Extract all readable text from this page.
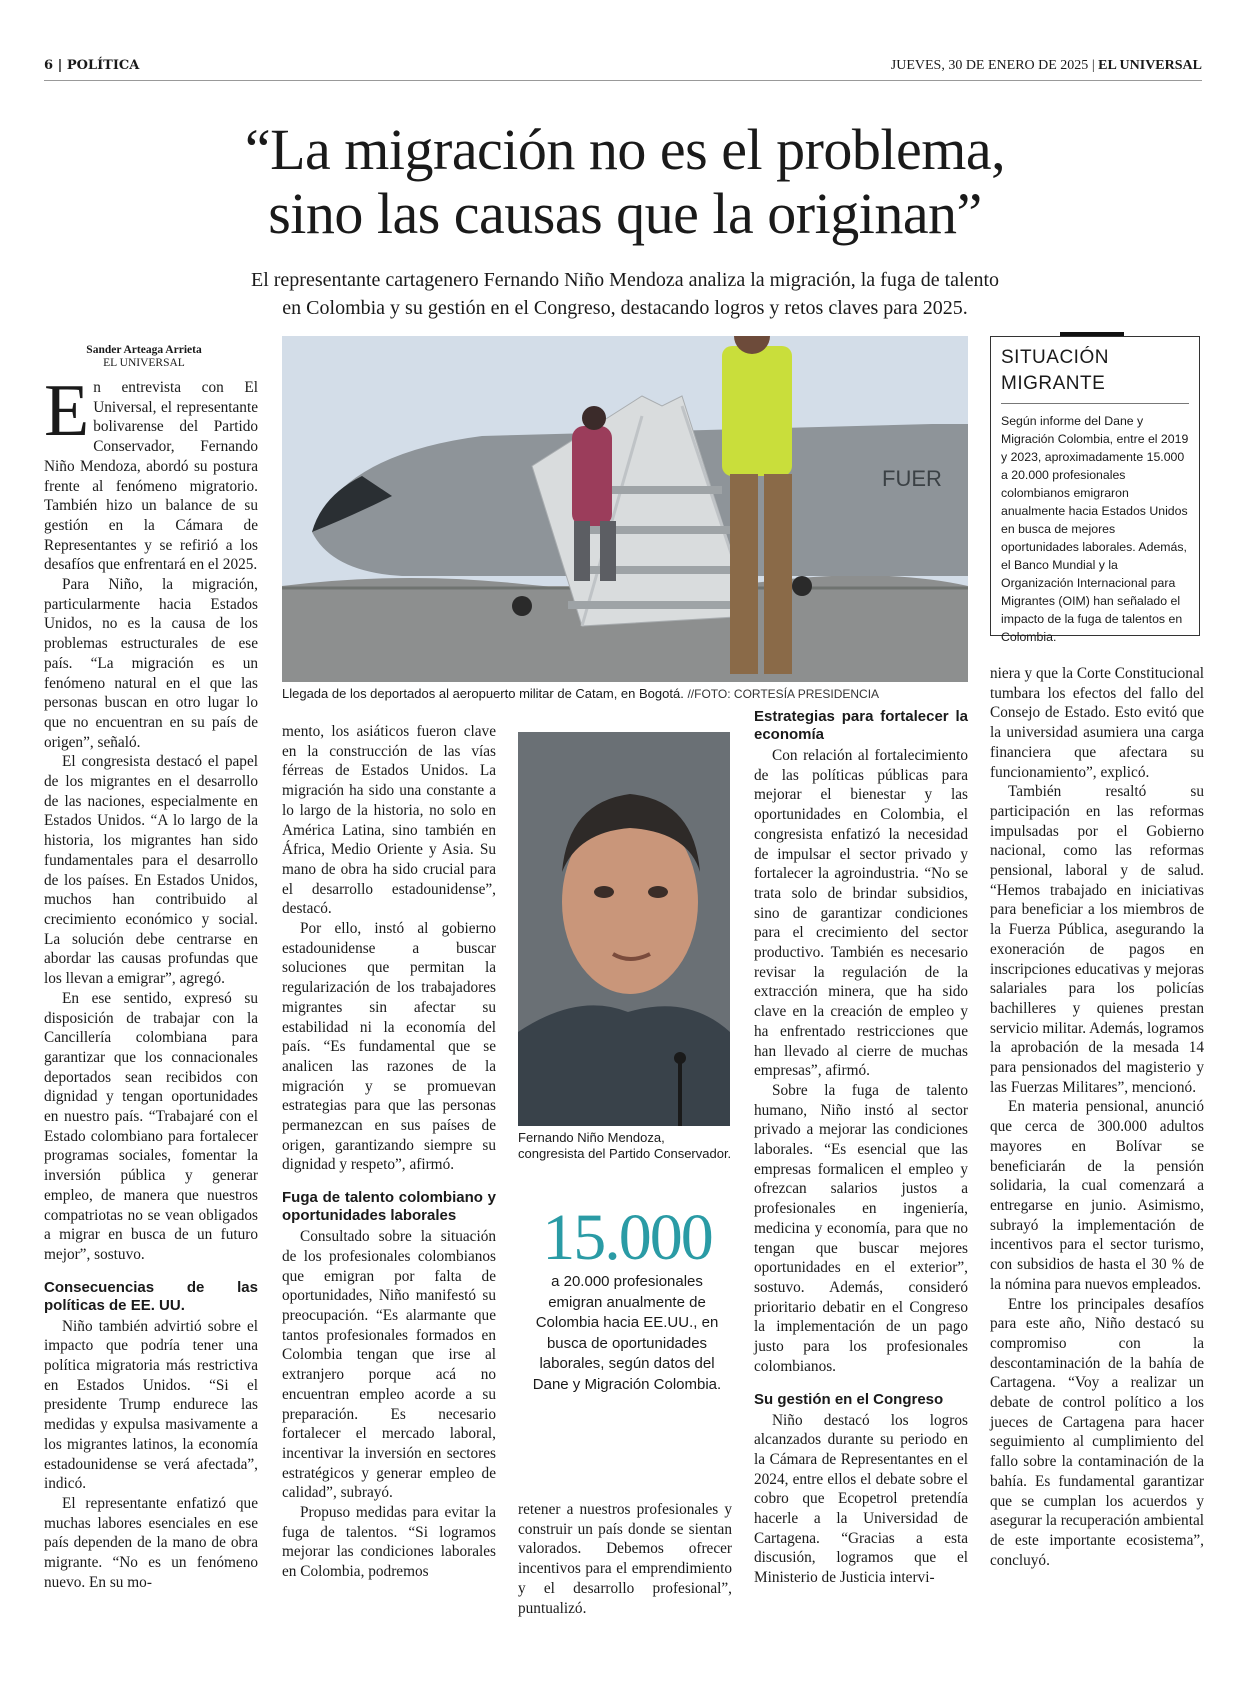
6 | POLÍTICA	JUEVES, 30 DE ENERO DE 2025 | EL UNIVERSAL
“La migración no es el problema,
sino las causas que la originan”
El representante cartagenero Fernando Niño Mendoza analiza la migración, la fuga de talento
en Colombia y su gestión en el Congreso, destacando logros y retos claves para 2025.
Sander Arteaga Arrieta
EL UNIVERSAL

En entrevista con El Universal, el representante bolivarense del Partido Conservador, Fernando Niño Mendoza, abordó su postura frente al fenómeno migratorio. También hizo un balance de su gestión en la Cámara de Representantes y se refirió a los desafíos que enfrentará en el 2025.

Para Niño, la migración, particularmente hacia Estados Unidos, no es la causa de los problemas estructurales de ese país. “La migración es un fenómeno natural en el que las personas buscan en otro lugar lo que no encuentran en su país de origen”, señaló.

El congresista destacó el papel de los migrantes en el desarrollo de las naciones, especialmente en Estados Unidos. “A lo largo de la historia, los migrantes han sido fundamentales para el desarrollo de los países. En Estados Unidos, muchos han contribuido al crecimiento económico y social. La solución debe centrarse en abordar las causas profundas que los llevan a emigrar”, agregó.

En ese sentido, expresó su disposición de trabajar con la Cancillería colombiana para garantizar que los connacionales deportados sean recibidos con dignidad y tengan oportunidades en nuestro país. “Trabajaré con el Estado colombiano para fortalecer programas sociales, fomentar la inversión pública y generar empleo, de manera que nuestros compatriotas no se vean obligados a migrar en busca de un futuro mejor”, sostuvo.

Consecuencias de las políticas de EE. UU.

Niño también advirtió sobre el impacto que podría tener una política migratoria más restrictiva en Estados Unidos. “Si el presidente Trump endurece las medidas y expulsa masivamente a los migrantes latinos, la economía estadounidense se verá afectada”, indicó.

El representante enfatizó que muchas labores esenciales en ese país dependen de la mano de obra migrante. “No es un fenómeno nuevo. En su mo-

FUER
Llegada de los deportados al aeropuerto militar de Catam, en Bogotá. //FOTO: CORTESÍA PRESIDENCIA
SITUACIÓN MIGRANTE

Según informe del Dane y Migración Colombia, entre el 2019 y 2023, aproximadamente 15.000 a 20.000 profesionales colombianos emigraron anualmente hacia Estados Unidos en busca de mejores oportunidades laborales. Además, el Banco Mundial y la Organización Internacional para Migrantes (OIM) han señalado el impacto de la fuga de talentos en Colombia.

mento, los asiáticos fueron clave en la construcción de las vías férreas de Estados Unidos. La migración ha sido una constante a lo largo de la historia, no solo en América Latina, sino también en África, Medio Oriente y Asia. Su mano de obra ha sido crucial para el desarrollo estadounidense”, destacó.

Por ello, instó al gobierno estadounidense a buscar soluciones que permitan la regularización de los trabajadores migrantes sin afectar su estabilidad ni la economía del país. “Es fundamental que se analicen las razones de la migración y se promuevan estrategias para que las personas permanezcan en sus países de origen, garantizando siempre su dignidad y respeto”, afirmó.

Fuga de talento colombiano y oportunidades laborales

Consultado sobre la situación de los profesionales colombianos que emigran por falta de oportunidades, Niño manifestó su preocupación. “Es alarmante que tantos profesionales formados en Colombia tengan que irse al extranjero porque acá no encuentran empleo acorde a su preparación. Es necesario fortalecer el mercado laboral, incentivar la inversión en sectores estratégicos y generar empleo de calidad”, subrayó.

Propuso medidas para evitar la fuga de talentos. “Si logramos mejorar las condiciones laborales en Colombia, podremos

Fernando Niño Mendoza, congresista del Partido Conservador.
15.000
a 20.000 profesionales emigran anualmente de Colombia hacia EE.UU., en busca de oportunidades laborales, según datos del Dane y Migración Colombia.

retener a nuestros profesionales y construir un país donde se sientan valorados. Debemos ofrecer incentivos para el emprendimiento y el desarrollo profesional”, puntualizó.

Estrategias para fortalecer la economía

Con relación al fortalecimiento de las políticas públicas para mejorar el bienestar y las oportunidades en Colombia, el congresista enfatizó la necesidad de impulsar el sector privado y fortalecer la agroindustria. “No se trata solo de brindar subsidios, sino de garantizar condiciones para el crecimiento del sector productivo. También es necesario revisar la regulación de la extracción minera, que ha sido clave en la creación de empleo y ha enfrentado restricciones que han llevado al cierre de muchas empresas”, afirmó.

Sobre la fuga de talento humano, Niño instó al sector privado a mejorar las condiciones laborales. “Es esencial que las empresas formalicen el empleo y ofrezcan salarios justos a profesionales en ingeniería, medicina y economía, para que no tengan que buscar mejores oportunidades en el exterior”, sostuvo. Además, consideró prioritario debatir en el Congreso la implementación de un pago justo para los profesionales colombianos.

Su gestión en el Congreso

Niño destacó los logros alcanzados durante su periodo en la Cámara de Representantes en el 2024, entre ellos el debate sobre el cobro que Ecopetrol pretendía hacerle a la Universidad de Cartagena. “Gracias a esta discusión, logramos que el Ministerio de Justicia intervi-

niera y que la Corte Constitucional tumbara los efectos del fallo del Consejo de Estado. Esto evitó que la universidad asumiera una carga financiera que afectara su funcionamiento”, explicó.

También resaltó su participación en las reformas impulsadas por el Gobierno nacional, como las reformas pensional, laboral y de salud. “Hemos trabajado en iniciativas para beneficiar a los miembros de la Fuerza Pública, asegurando la exoneración de pagos en inscripciones educativas y mejoras salariales para los policías bachilleres y quienes prestan servicio militar. Además, logramos la aprobación de la mesada 14 para pensionados del magisterio y las Fuerzas Militares”, mencionó.

En materia pensional, anunció que cerca de 300.000 adultos mayores en Bolívar se beneficiarán de la pensión solidaria, la cual comenzará a entregarse en junio. Asimismo, subrayó la implementación de incentivos para el sector turismo, con subsidios de hasta el 30 % de la nómina para nuevos empleados.

Entre los principales desafíos para este año, Niño destacó su compromiso con la descontaminación de la bahía de Cartagena. “Voy a realizar un debate de control político a los jueces de Cartagena para hacer seguimiento al cumplimiento del fallo sobre la contaminación de la bahía. Es fundamental garantizar que se cumplan los acuerdos y asegurar la recuperación ambiental de este importante ecosistema”, concluyó.
